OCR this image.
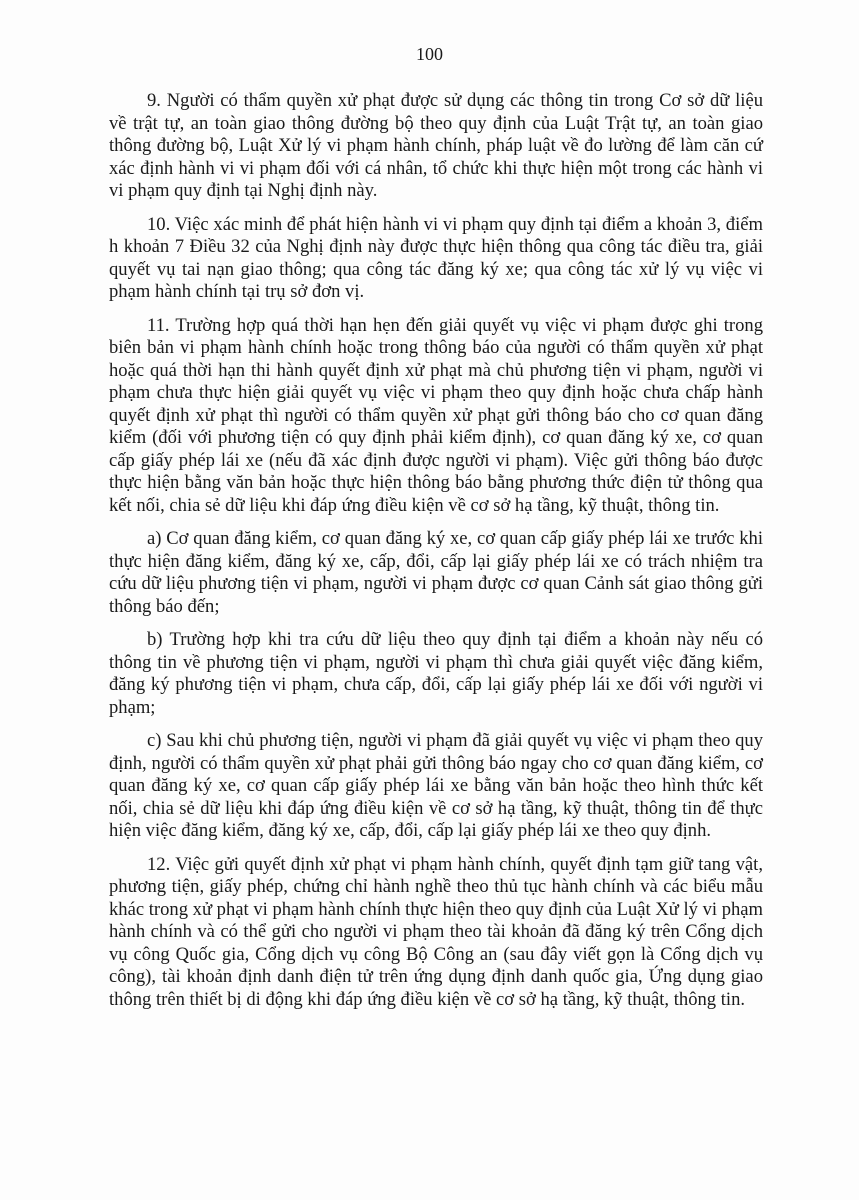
100

9. Người có thẩm quyền xử phạt được sử dụng các thông tin trong Cơ sở dữ liệu về trật tự, an toàn giao thông đường bộ theo quy định của Luật Trật tự, an toàn giao thông đường bộ, Luật Xử lý vi phạm hành chính, pháp luật về đo lường để làm căn cứ xác định hành vi vi phạm đối với cá nhân, tổ chức khi thực hiện một trong các hành vi vi phạm quy định tại Nghị định này.

10. Việc xác minh để phát hiện hành vi vi phạm quy định tại điểm a khoản 3, điểm h khoản 7 Điều 32 của Nghị định này được thực hiện thông qua công tác điều tra, giải quyết vụ tai nạn giao thông; qua công tác đăng ký xe; qua công tác xử lý vụ việc vi phạm hành chính tại trụ sở đơn vị.

11. Trường hợp quá thời hạn hẹn đến giải quyết vụ việc vi phạm được ghi trong biên bản vi phạm hành chính hoặc trong thông báo của người có thẩm quyền xử phạt hoặc quá thời hạn thi hành quyết định xử phạt mà chủ phương tiện vi phạm, người vi phạm chưa thực hiện giải quyết vụ việc vi phạm theo quy định hoặc chưa chấp hành quyết định xử phạt thì người có thẩm quyền xử phạt gửi thông báo cho cơ quan đăng kiểm (đối với phương tiện có quy định phải kiểm định), cơ quan đăng ký xe, cơ quan cấp giấy phép lái xe (nếu đã xác định được người vi phạm). Việc gửi thông báo được thực hiện bằng văn bản hoặc thực hiện thông báo bằng phương thức điện tử thông qua kết nối, chia sẻ dữ liệu khi đáp ứng điều kiện về cơ sở hạ tầng, kỹ thuật, thông tin.

a) Cơ quan đăng kiểm, cơ quan đăng ký xe, cơ quan cấp giấy phép lái xe trước khi thực hiện đăng kiểm, đăng ký xe, cấp, đổi, cấp lại giấy phép lái xe có trách nhiệm tra cứu dữ liệu phương tiện vi phạm, người vi phạm được cơ quan Cảnh sát giao thông gửi thông báo đến;

b) Trường hợp khi tra cứu dữ liệu theo quy định tại điểm a khoản này nếu có thông tin về phương tiện vi phạm, người vi phạm thì chưa giải quyết việc đăng kiểm, đăng ký phương tiện vi phạm, chưa cấp, đổi, cấp lại giấy phép lái xe đối với người vi phạm;

c) Sau khi chủ phương tiện, người vi phạm đã giải quyết vụ việc vi phạm theo quy định, người có thẩm quyền xử phạt phải gửi thông báo ngay cho cơ quan đăng kiểm, cơ quan đăng ký xe, cơ quan cấp giấy phép lái xe bằng văn bản hoặc theo hình thức kết nối, chia sẻ dữ liệu khi đáp ứng điều kiện về cơ sở hạ tầng, kỹ thuật, thông tin để thực hiện việc đăng kiểm, đăng ký xe, cấp, đổi, cấp lại giấy phép lái xe theo quy định.

12. Việc gửi quyết định xử phạt vi phạm hành chính, quyết định tạm giữ tang vật, phương tiện, giấy phép, chứng chỉ hành nghề theo thủ tục hành chính và các biểu mẫu khác trong xử phạt vi phạm hành chính thực hiện theo quy định của Luật Xử lý vi phạm hành chính và có thể gửi cho người vi phạm theo tài khoản đã đăng ký trên Cổng dịch vụ công Quốc gia, Cổng dịch vụ công Bộ Công an (sau đây viết gọn là Cổng dịch vụ công), tài khoản định danh điện tử trên ứng dụng định danh quốc gia, Ứng dụng giao thông trên thiết bị di động khi đáp ứng điều kiện về cơ sở hạ tầng, kỹ thuật, thông tin.
